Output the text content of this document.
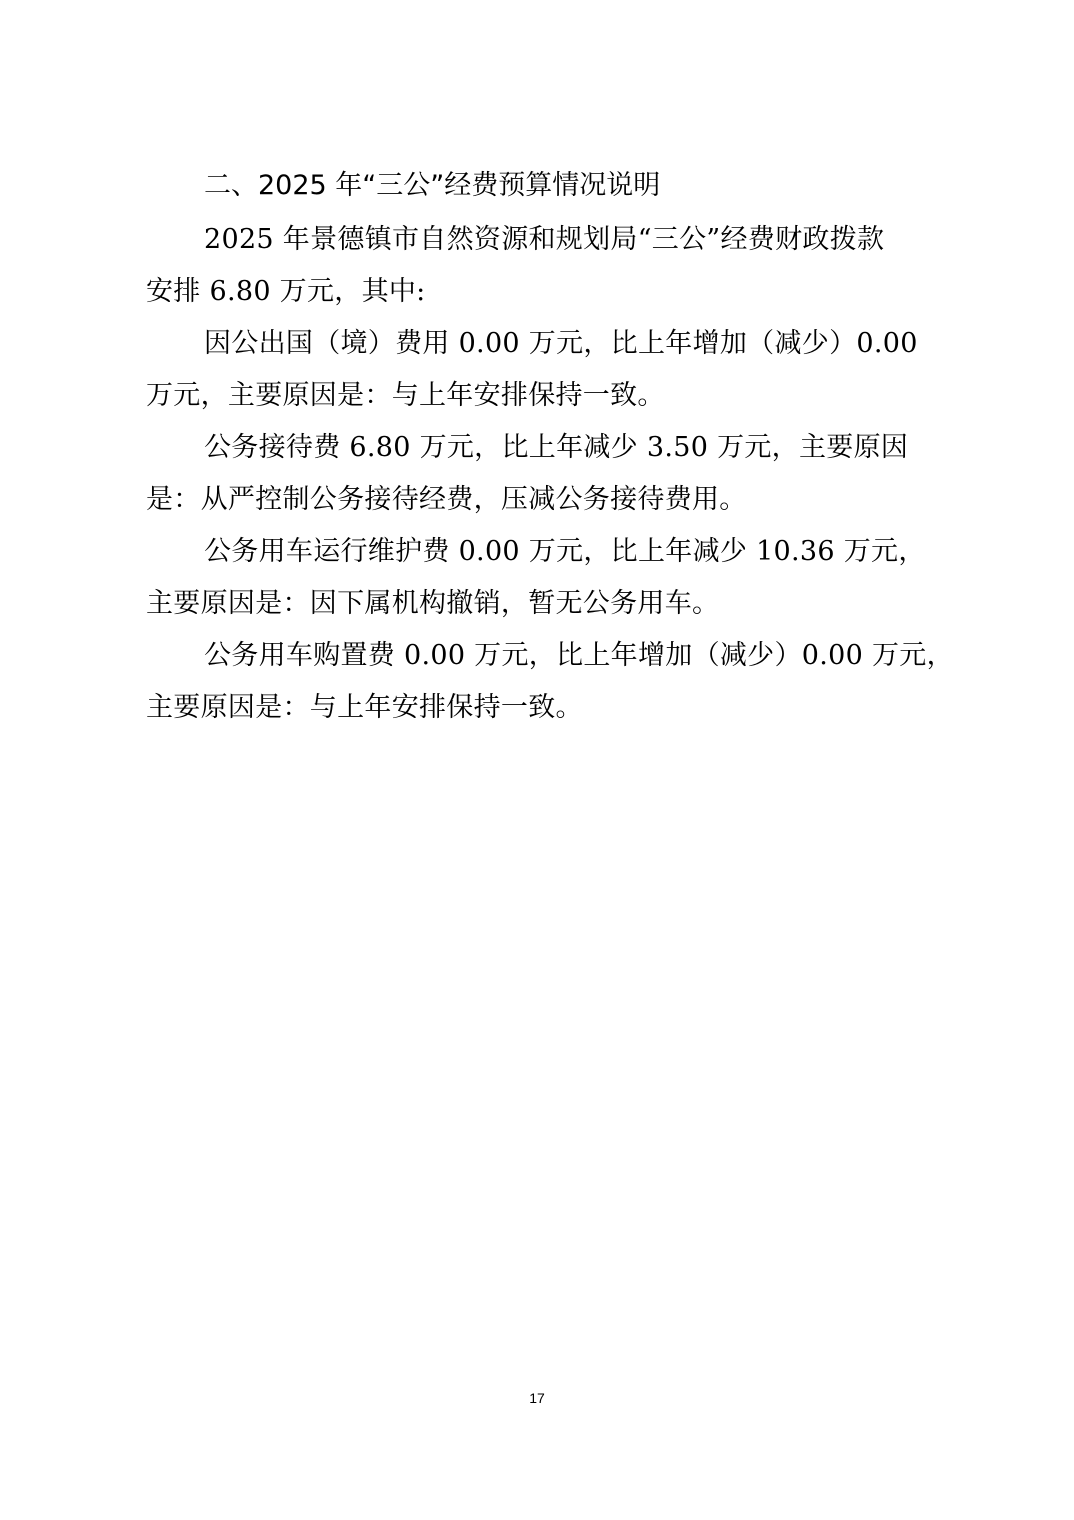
二、2025 年“三公”经费预算情况说明
2025 年景德镇市自然资源和规划局“三公”经费财政拨款
安排 6.80 万元，其中:
因公出国（境）费用 0.00 万元，比上年增加（减少）0.00
万元，主要原因是：与上年安排保持一致。
公务接待费 6.80 万元，比上年减少 3.50 万元，主要原因
是：从严控制公务接待经费，压减公务接待费用。
公务用车运行维护费 0.00 万元，比上年减少 10.36 万元，
主要原因是：因下属机构撤销，暂无公务用车。
公务用车购置费 0.00 万元，比上年增加（减少）0.00 万元，
主要原因是：与上年安排保持一致。
17
